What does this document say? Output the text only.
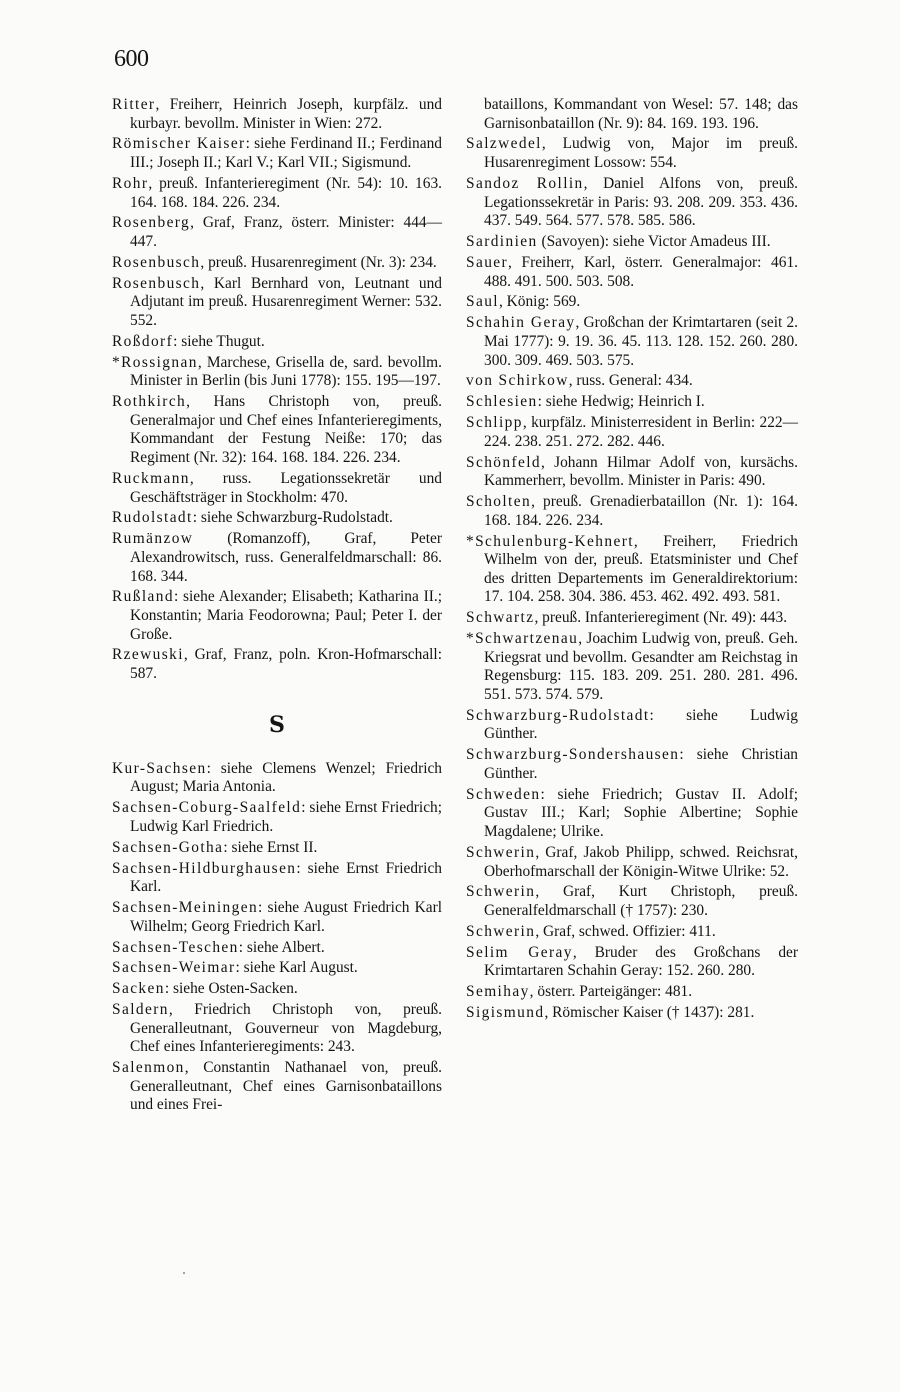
600
Ritter, Freiherr, Heinrich Joseph, kurpfälz. und kurbayr. bevollm. Minister in Wien: 272.
Römischer Kaiser: siehe Ferdinand II.; Ferdinand III.; Joseph II.; Karl V.; Karl VII.; Sigismund.
Rohr, preuß. Infanterieregiment (Nr. 54): 10. 163. 164. 168. 184. 226. 234.
Rosenberg, Graf, Franz, österr. Minister: 444—447.
Rosenbusch, preuß. Husarenregiment (Nr. 3): 234.
Rosenbusch, Karl Bernhard von, Leutnant und Adjutant im preuß. Husarenregiment Werner: 532. 552.
Roßdorf: siehe Thugut.
*Rossignan, Marchese, Grisella de, sard. bevollm. Minister in Berlin (bis Juni 1778): 155. 195—197.
Rothkirch, Hans Christoph von, preuß. Generalmajor und Chef eines Infanterieregiments, Kommandant der Festung Neiße: 170; das Regiment (Nr. 32): 164. 168. 184. 226. 234.
Ruckmann, russ. Legationssekretär und Geschäftsträger in Stockholm: 470.
Rudolstadt: siehe Schwarzburg-Rudolstadt.
Rumänzow (Romanzoff), Graf, Peter Alexandrowitsch, russ. Generalfeldmarschall: 86. 168. 344.
Rußland: siehe Alexander; Elisabeth; Katharina II.; Konstantin; Maria Feodorowna; Paul; Peter I. der Große.
Rzewuski, Graf, Franz, poln. Kron-Hofmarschall: 587.
S
Kur-Sachsen: siehe Clemens Wenzel; Friedrich August; Maria Antonia.
Sachsen-Coburg-Saalfeld: siehe Ernst Friedrich; Ludwig Karl Friedrich.
Sachsen-Gotha: siehe Ernst II.
Sachsen-Hildburghausen: siehe Ernst Friedrich Karl.
Sachsen-Meiningen: siehe August Friedrich Karl Wilhelm; Georg Friedrich Karl.
Sachsen-Teschen: siehe Albert.
Sachsen-Weimar: siehe Karl August.
Sacken: siehe Osten-Sacken.
Saldern, Friedrich Christoph von, preuß. Generalleutnant, Gouverneur von Magdeburg, Chef eines Infanterieregiments: 243.
Salenmon, Constantin Nathanael von, preuß. Generalleutnant, Chef eines Garnisonbataillons und eines Frei-
bataillons, Kommandant von Wesel: 57. 148; das Garnisonbataillon (Nr. 9): 84. 169. 193. 196.
Salzwedel, Ludwig von, Major im preuß. Husarenregiment Lossow: 554.
Sandoz Rollin, Daniel Alfons von, preuß. Legationssekretär in Paris: 93. 208. 209. 353. 436. 437. 549. 564. 577. 578. 585. 586.
Sardinien (Savoyen): siehe Victor Amadeus III.
Sauer, Freiherr, Karl, österr. Generalmajor: 461. 488. 491. 500. 503. 508.
Saul, König: 569.
Schahin Geray, Großchan der Krimtartaren (seit 2. Mai 1777): 9. 19. 36. 45. 113. 128. 152. 260. 280. 300. 309. 469. 503. 575.
von Schirkow, russ. General: 434.
Schlesien: siehe Hedwig; Heinrich I.
Schlipp, kurpfälz. Ministerresident in Berlin: 222—224. 238. 251. 272. 282. 446.
Schönfeld, Johann Hilmar Adolf von, kursächs. Kammerherr, bevollm. Minister in Paris: 490.
Scholten, preuß. Grenadierbataillon (Nr. 1): 164. 168. 184. 226. 234.
*Schulenburg-Kehnert, Freiherr, Friedrich Wilhelm von der, preuß. Etatsminister und Chef des dritten Departements im Generaldirektorium: 17. 104. 258. 304. 386. 453. 462. 492. 493. 581.
Schwartz, preuß. Infanterieregiment (Nr. 49): 443.
*Schwartzenau, Joachim Ludwig von, preuß. Geh. Kriegsrat und bevollm. Gesandter am Reichstag in Regensburg: 115. 183. 209. 251. 280. 281. 496. 551. 573. 574. 579.
Schwarzburg-Rudolstadt: siehe Ludwig Günther.
Schwarzburg-Sondershausen: siehe Christian Günther.
Schweden: siehe Friedrich; Gustav II. Adolf; Gustav III.; Karl; Sophie Albertine; Sophie Magdalene; Ulrike.
Schwerin, Graf, Jakob Philipp, schwed. Reichsrat, Oberhofmarschall der Königin-Witwe Ulrike: 52.
Schwerin, Graf, Kurt Christoph, preuß. Generalfeldmarschall († 1757): 230.
Schwerin, Graf, schwed. Offizier: 411.
Selim Geray, Bruder des Großchans der Krimtartaren Schahin Geray: 152. 260. 280.
Semihay, österr. Parteigänger: 481.
Sigismund, Römischer Kaiser († 1437): 281.
